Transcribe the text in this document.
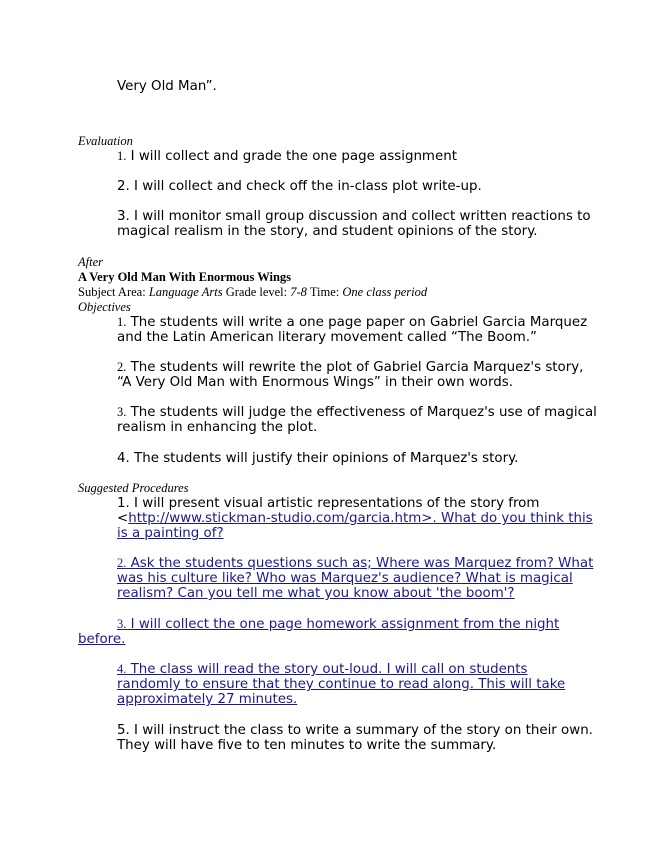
Very Old Man”.
Evaluation
1. I will collect and grade the one page assignment
2. I will collect and check off the in-class plot write-up.
3. I will monitor small group discussion and collect written reactions to
magical realism in the story, and student opinions of the story.
After
A Very Old Man With Enormous Wings
Subject Area: Language Arts Grade level: 7-8 Time: One class period
Objectives
1. The students will write a one page paper on Gabriel Garcia Marquez
and the Latin American literary movement called “The Boom.”
2. The students will rewrite the plot of Gabriel Garcia Marquez's story,
“A Very Old Man with Enormous Wings” in their own words.
3. The students will judge the effectiveness of Marquez's use of magical
realism in enhancing the plot.
4. The students will justify their opinions of Marquez's story.
Suggested Procedures
1. I will present visual artistic representations of the story from
<http://www.stickman-studio.com/garcia.htm>. What do you think this
is a painting of?
2. Ask the students questions such as; Where was Marquez from? What
was his culture like? Who was Marquez's audience? What is magical
realism? Can you tell me what you know about 'the boom'?
3. I will collect the one page homework assignment from the night
before.
4. The class will read the story out-loud. I will call on students
randomly to ensure that they continue to read along. This will take
approximately 27 minutes.
5. I will instruct the class to write a summary of the story on their own.
They will have five to ten minutes to write the summary.
